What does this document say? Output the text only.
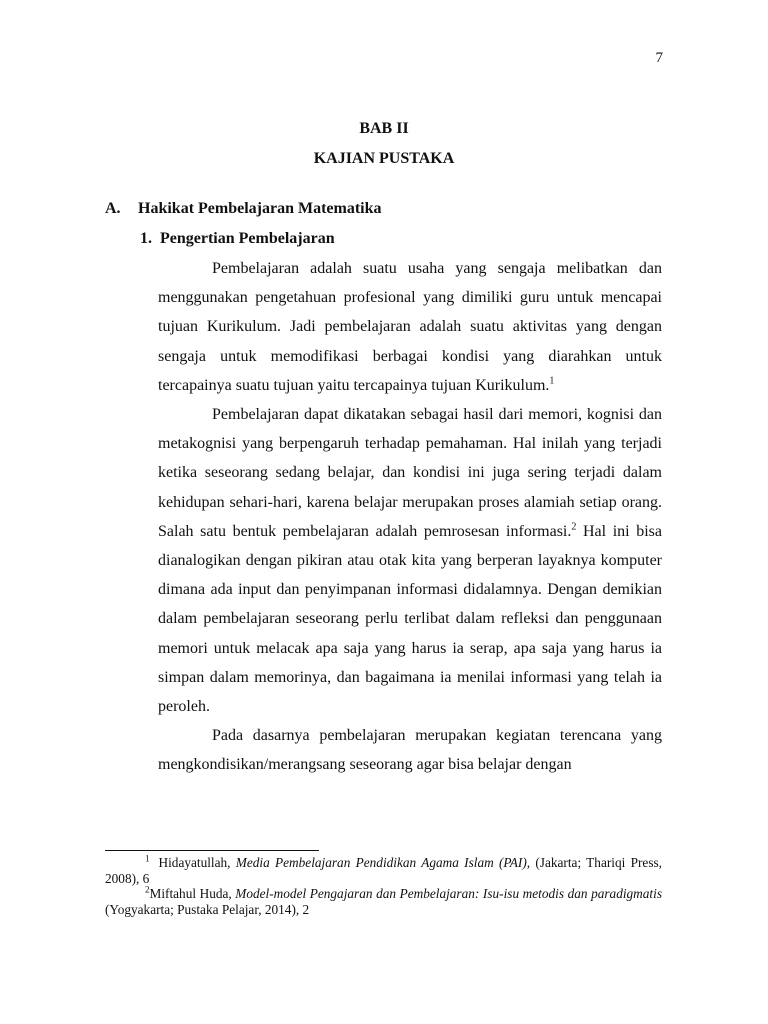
7
BAB II
KAJIAN PUSTAKA
A. Hakikat Pembelajaran Matematika
1. Pengertian Pembelajaran

Pembelajaran adalah suatu usaha yang sengaja melibatkan dan menggunakan pengetahuan profesional yang dimiliki guru untuk mencapai tujuan Kurikulum. Jadi pembelajaran adalah suatu aktivitas yang dengan sengaja untuk memodifikasi berbagai kondisi yang diarahkan untuk tercapainya suatu tujuan yaitu tercapainya tujuan Kurikulum.$^1$

Pembelajaran dapat dikatakan sebagai hasil dari memori, kognisi dan metakognisi yang berpengaruh terhadap pemahaman. Hal inilah yang terjadi ketika seseorang sedang belajar, dan kondisi ini juga sering terjadi dalam kehidupan sehari-hari, karena belajar merupakan proses alamiah setiap orang. Salah satu bentuk pembelajaran adalah pemrosesan informasi.$^2$ Hal ini bisa dianalogikan dengan pikiran atau otak kita yang berperan layaknya komputer dimana ada input dan penyimpanan informasi didalamnya. Dengan demikian dalam pembelajaran seseorang perlu terlibat dalam refleksi dan penggunaan memori untuk melacak apa saja yang harus ia serap, apa saja yang harus ia simpan dalam memorinya, dan bagaimana ia menilai informasi yang telah ia peroleh.

Pada dasarnya pembelajaran merupakan kegiatan terencana yang mengkondisikan/merangsang seseorang agar bisa belajar dengan

$^1$ Hidayatullah, Media Pembelajaran Pendidikan Agama Islam (PAI), (Jakarta; Thariqi Press, 2008), 6

$^2$Miftahul Huda, Model-model Pengajaran dan Pembelajaran: Isu-isu metodis dan paradigmatis (Yogyakarta; Pustaka Pelajar, 2014), 2
